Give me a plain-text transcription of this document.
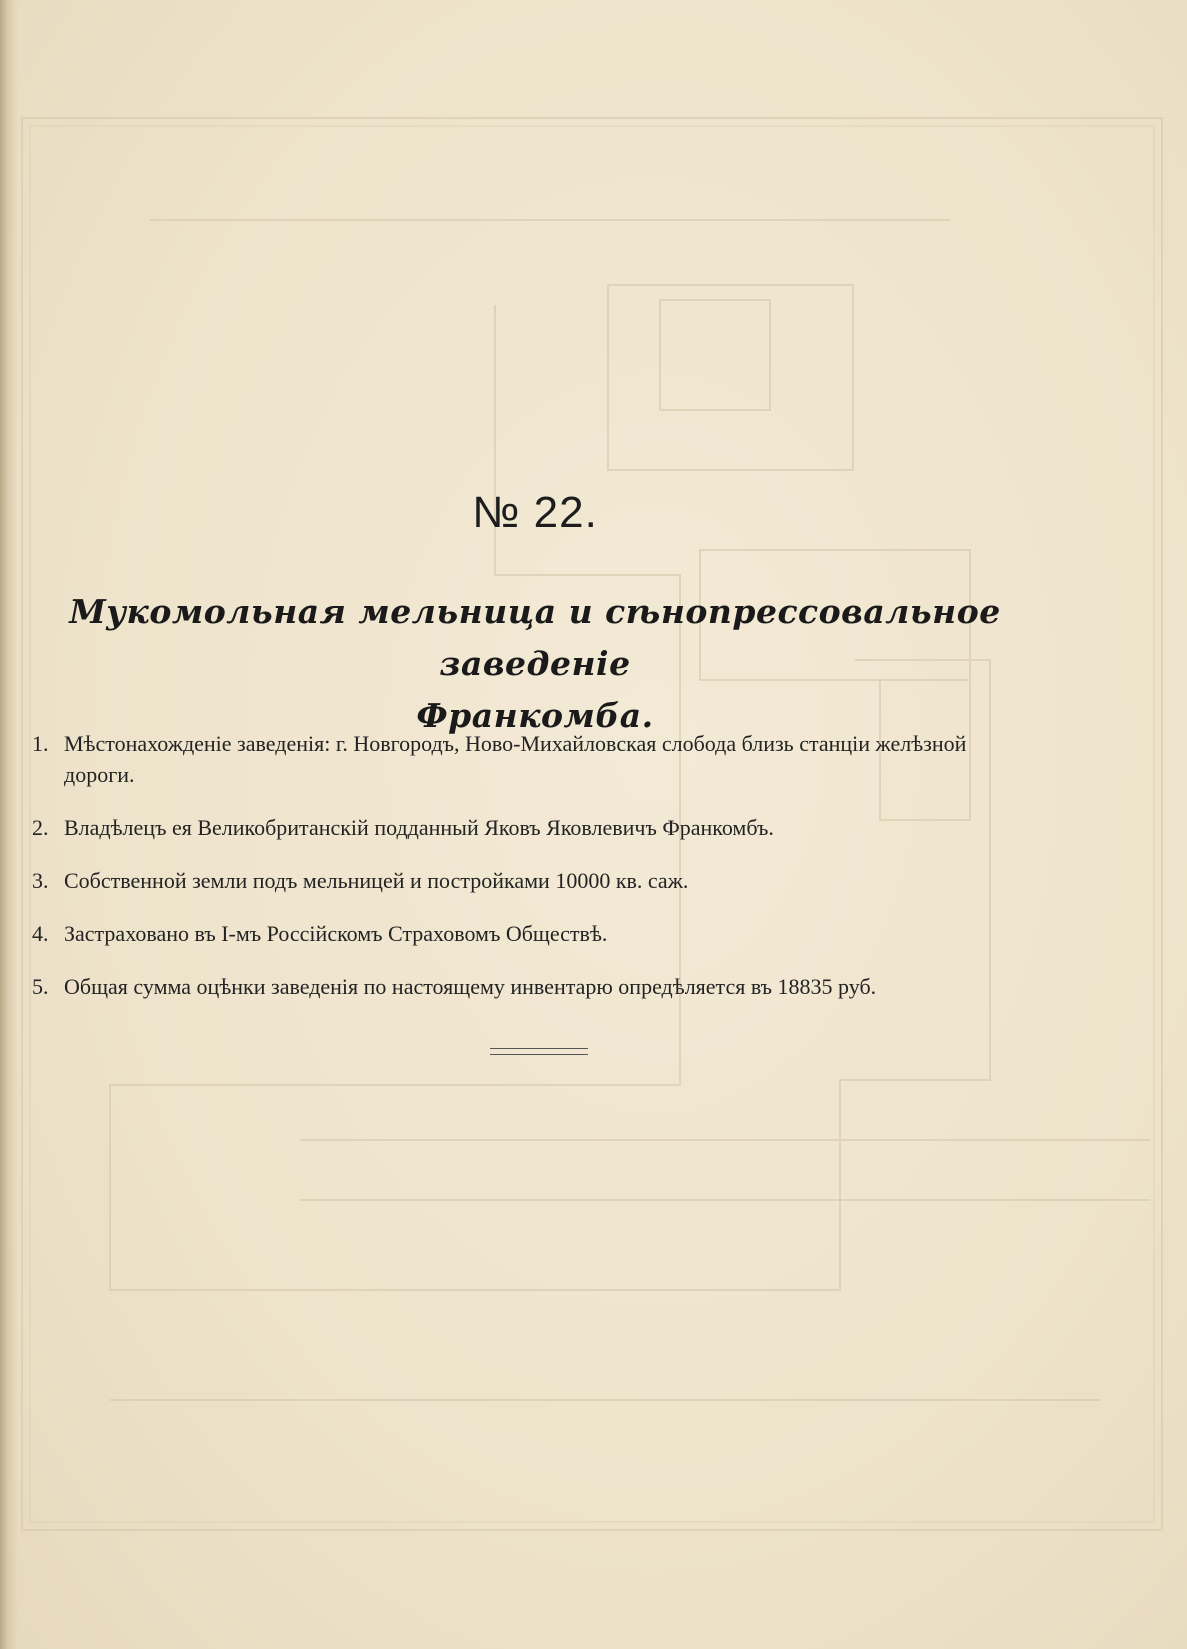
№ 22.
Мукомольная мельница и сѣнопрессовальное заведеніе
Франкомба.
1. Мѣстонахожденіе заведенія: г. Новгородъ, Ново-Михайловская слобода близь станціи желѣзной дороги.
2. Владѣлецъ ея Великобританскій подданный Яковъ Яковлевичъ Франкомбъ.
3. Собственной земли подъ мельницей и постройками 10000 кв. саж.
4. Застраховано въ I-мъ Россійскомъ Страховомъ Обществѣ.
5. Общая сумма оцѣнки заведенія по настоящему инвентарю опредѣляется въ 18835 руб.
